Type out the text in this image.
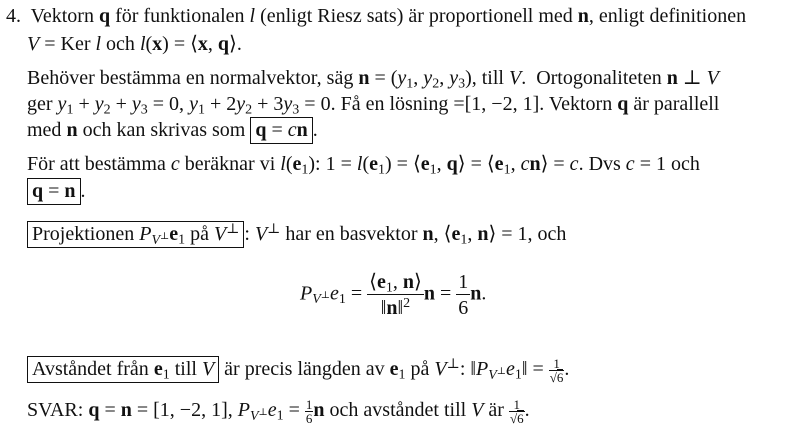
4.  Vektorn q för funktionalen l (enligt Riesz sats) är proportionell med n, enligt definitionen
V = Ker l och l(x) = ⟨x, q⟩.
Behöver bestämma en normalvektor, säg $n = (y_1$, $y_2$, $y_3$), till V.  Ortogonaliteten n ⊥ V
ger $y_1 + y_2 + y_3 = 0$, $y_1 + 2y_2 + 3y_3 = 0$. Få en lösning =[1, −2, 1]. Vektorn q är parallell
med n och kan skrivas som q = cn .
För att bestämma c beräknar vi $l(e_1)$: $1 = l(e_1)$ = $⟨e_1$, q⟩ = $⟨e_1$, cn⟩ = c. Dvs c = 1 och
q = n .
Projektionen $P_{V^\perp}e_1$ på V⊥ : V⊥ har en basvektor n, $⟨e_1$, n⟩ = 1, och
$P_{V^\perp}e_1 = \frac{⟨e_1, n⟩}{‖n‖^2}$ $n = \frac{1}{6} n$.
Avståndet från $e_1$ till V är precis längden av $e_1$ på V⊥: $‖P_{V^\perp}e_1‖ = \frac{1}{√6}$ .
SVAR: q = n = [1, −2, 1], $P_{V^\perp}e_1 = \frac{1}{6}$ n och avståndet till V är $\frac{1}{√6}$ .
